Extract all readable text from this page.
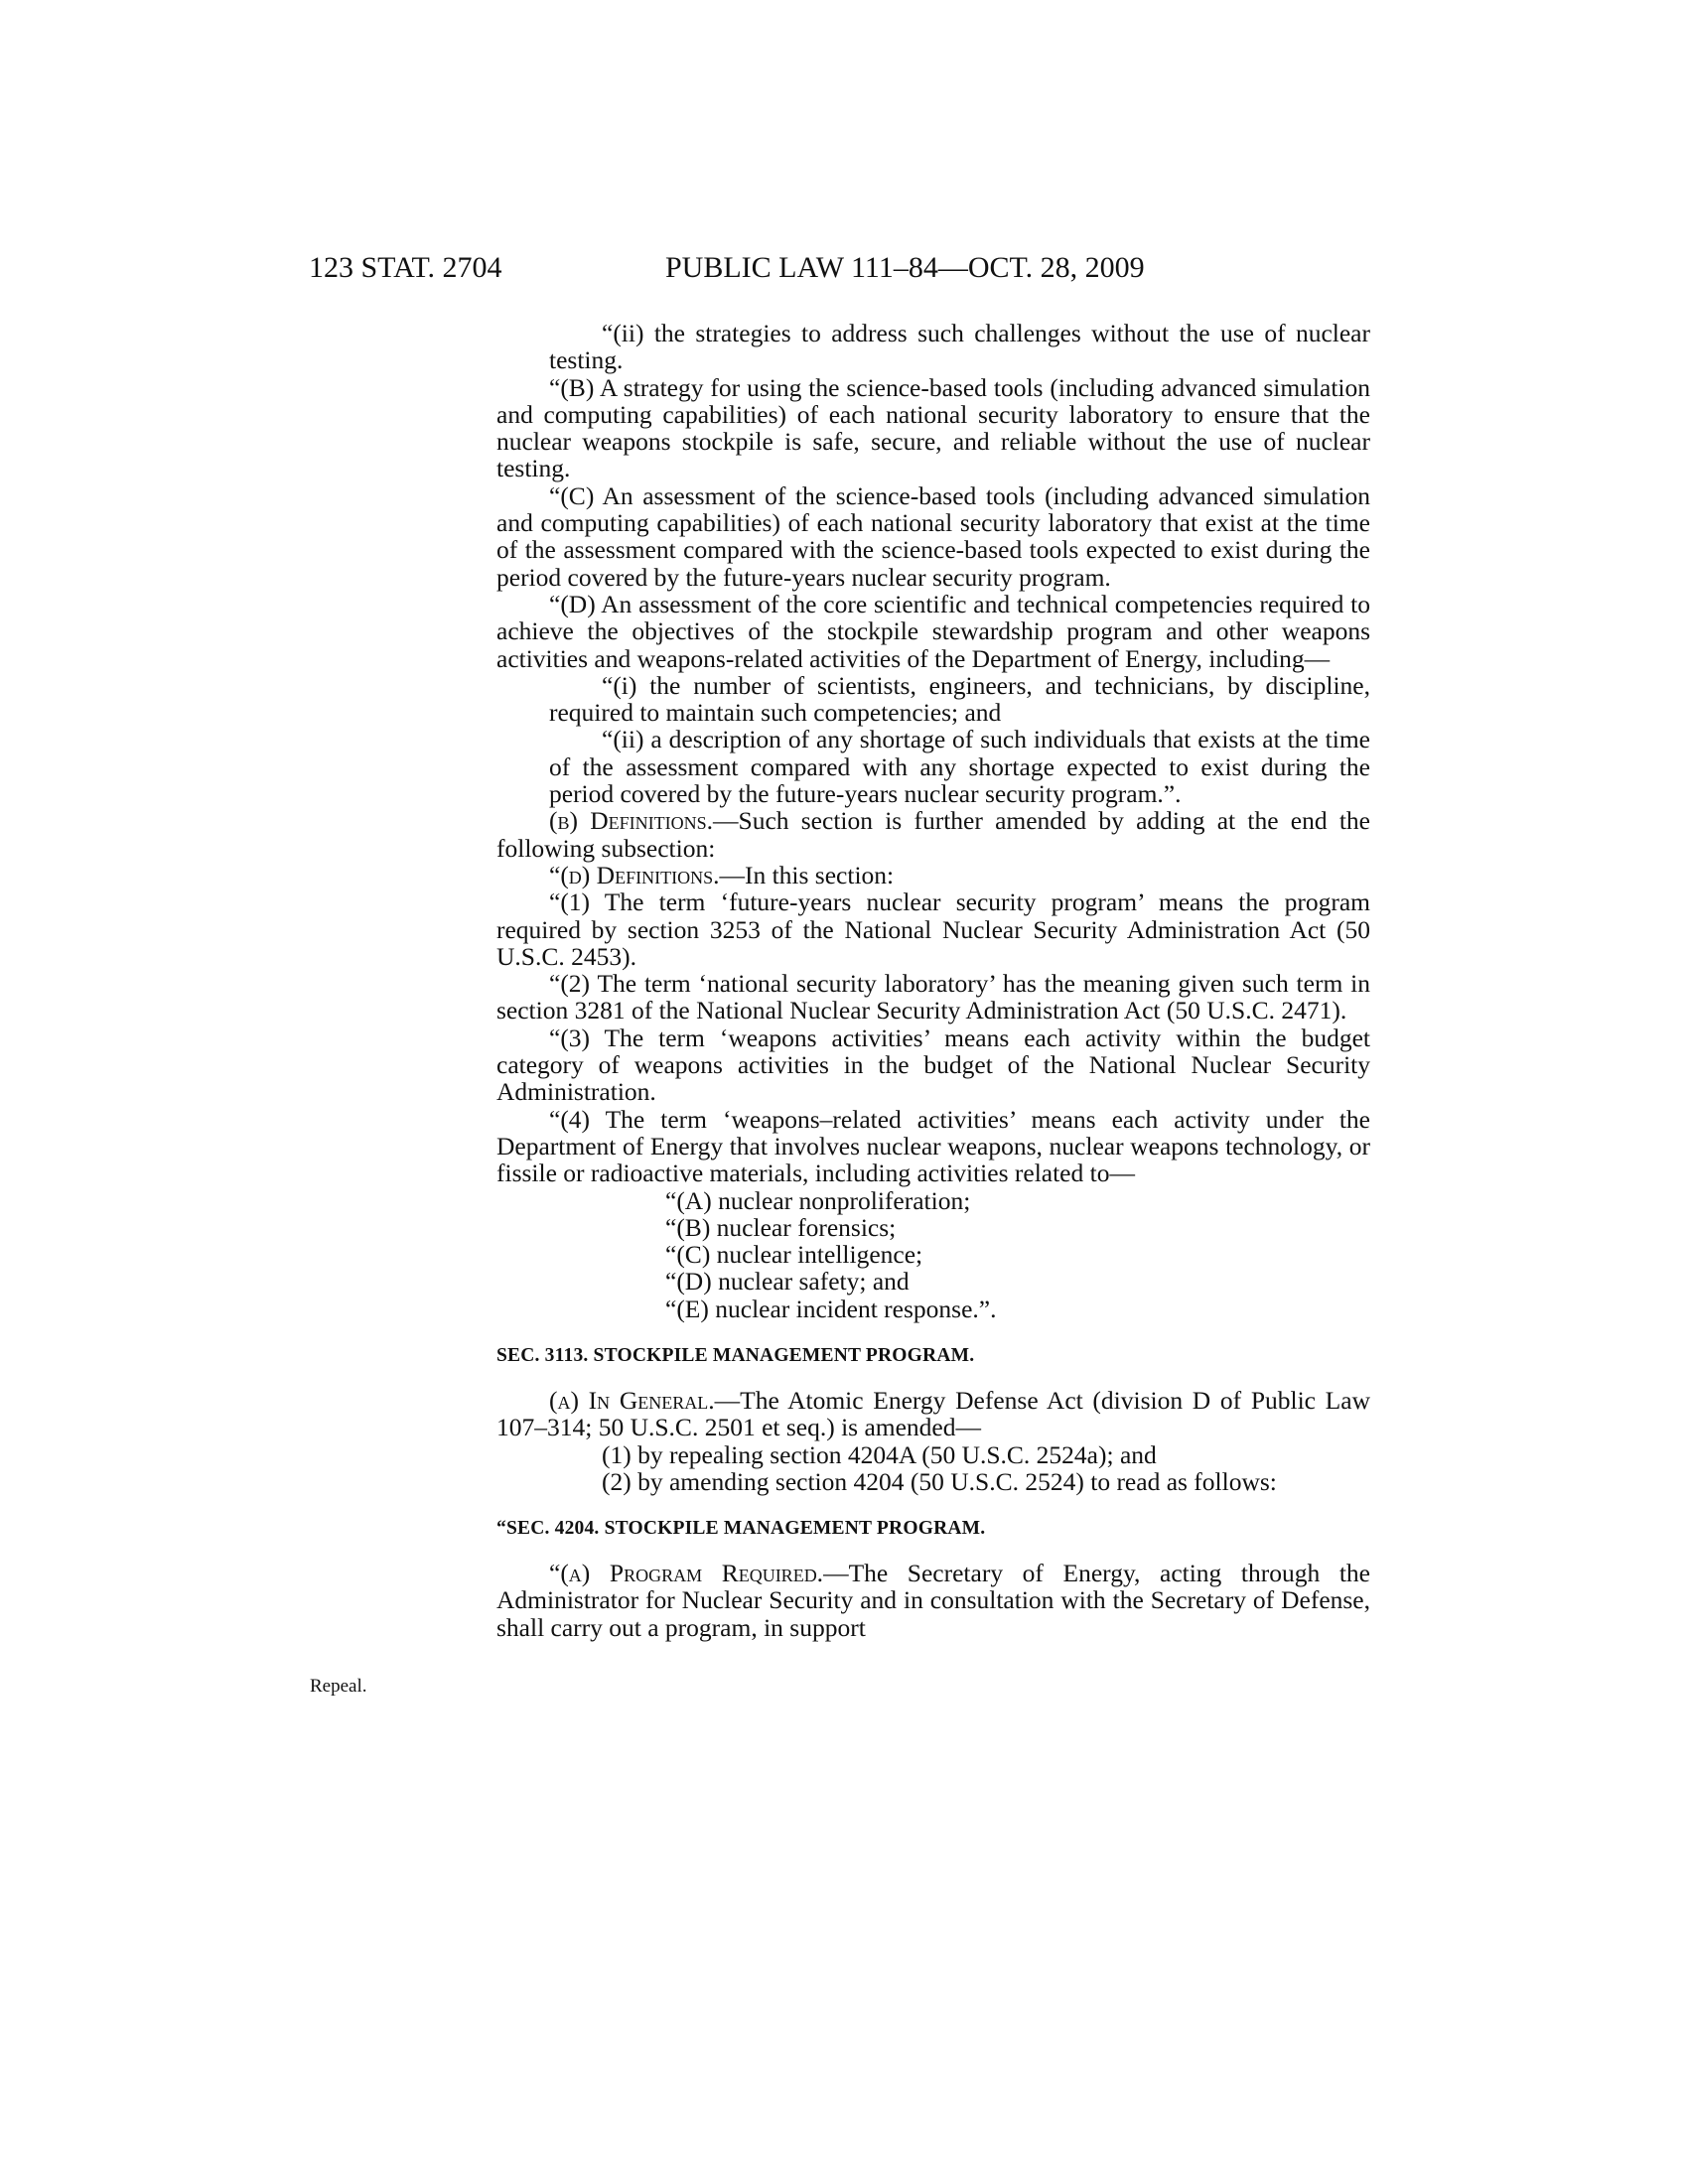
123 STAT. 2704	PUBLIC LAW 111–84—OCT. 28, 2009
Repeal.

“(ii) the strategies to address such challenges without the use of nuclear testing.

“(B) A strategy for using the science-based tools (including advanced simulation and computing capabilities) of each national security laboratory to ensure that the nuclear weapons stockpile is safe, secure, and reliable without the use of nuclear testing.

“(C) An assessment of the science-based tools (including advanced simulation and computing capabilities) of each national security laboratory that exist at the time of the assessment compared with the science-based tools expected to exist during the period covered by the future-years nuclear security program.

“(D) An assessment of the core scientific and technical competencies required to achieve the objectives of the stockpile stewardship program and other weapons activities and weapons-related activities of the Department of Energy, including—

“(i) the number of scientists, engineers, and technicians, by discipline, required to maintain such competencies; and

“(ii) a description of any shortage of such individuals that exists at the time of the assessment compared with any shortage expected to exist during the period covered by the future-years nuclear security program.”.

(b) Definitions.—Such section is further amended by adding at the end the following subsection:

“(d) Definitions.—In this section:

“(1) The term ‘future-years nuclear security program’ means the program required by section 3253 of the National Nuclear Security Administration Act (50 U.S.C. 2453).

“(2) The term ‘national security laboratory’ has the meaning given such term in section 3281 of the National Nuclear Security Administration Act (50 U.S.C. 2471).

“(3) The term ‘weapons activities’ means each activity within the budget category of weapons activities in the budget of the National Nuclear Security Administration.

“(4) The term ‘weapons–related activities’ means each activity under the Department of Energy that involves nuclear weapons, nuclear weapons technology, or fissile or radioactive materials, including activities related to—

“(A) nuclear nonproliferation;

“(B) nuclear forensics;

“(C) nuclear intelligence;

“(D) nuclear safety; and

“(E) nuclear incident response.”.

SEC. 3113. STOCKPILE MANAGEMENT PROGRAM.

(a) In General.—The Atomic Energy Defense Act (division D of Public Law 107–314; 50 U.S.C. 2501 et seq.) is amended—

(1) by repealing section 4204A (50 U.S.C. 2524a); and

(2) by amending section 4204 (50 U.S.C. 2524) to read as follows:

“SEC. 4204. STOCKPILE MANAGEMENT PROGRAM.

“(a) Program Required.—The Secretary of Energy, acting through the Administrator for Nuclear Security and in consultation with the Secretary of Defense, shall carry out a program, in support
